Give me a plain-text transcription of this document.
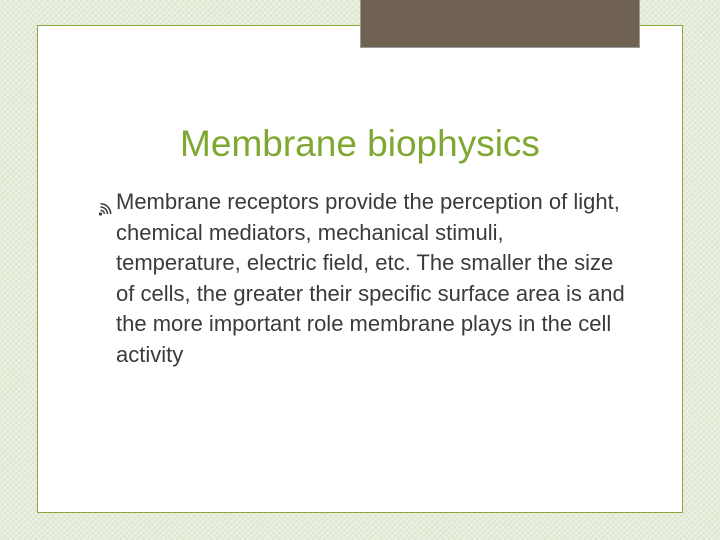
Membrane biophysics
Membrane receptors provide the perception of light, chemical mediators, mechanical stimuli, temperature, electric field, etc. The smaller the size of cells, the greater their specific surface area is and the more important role membrane plays in the cell activity
